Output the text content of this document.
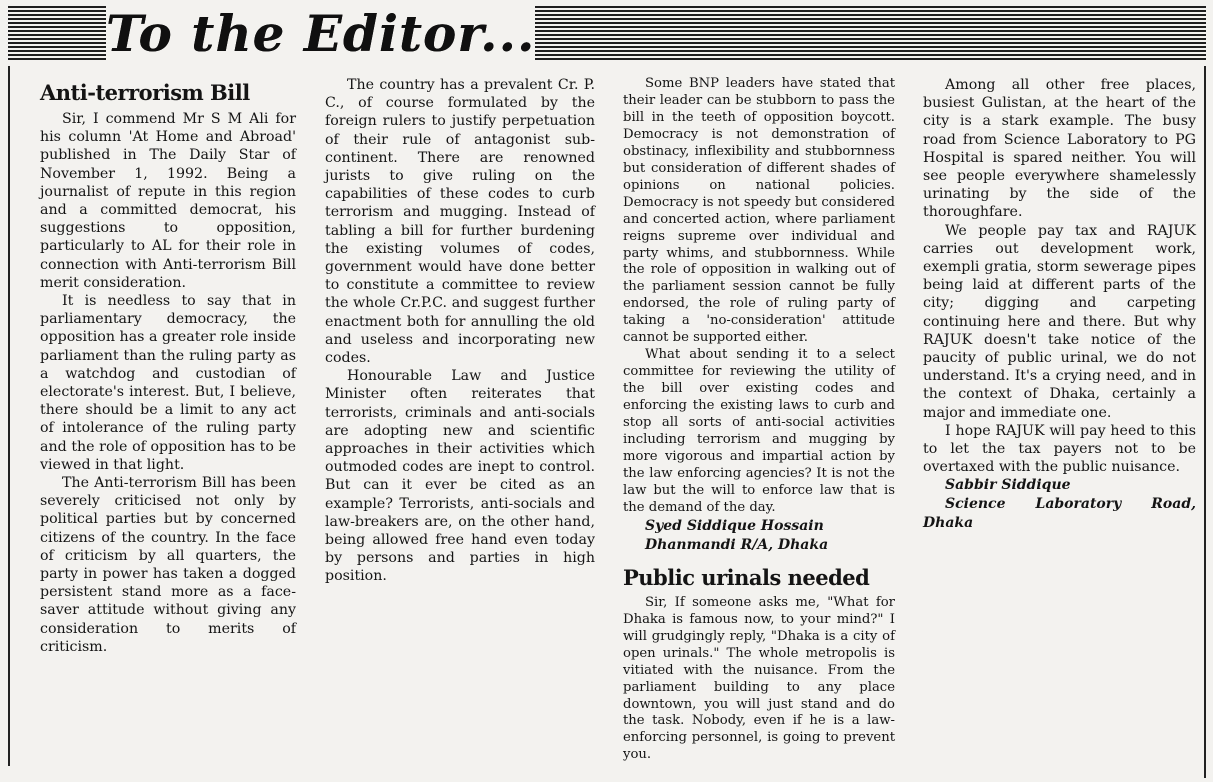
To the Editor...
Anti-terrorism Bill

Sir, I commend Mr S M Ali for his column 'At Home and Abroad' published in The Daily Star of November 1, 1992. Being a journalist of repute in this region and a committed democrat, his suggestions to opposition, particularly to AL for their role in connection with Anti-terrorism Bill merit consideration.

It is needless to say that in parliamentary democracy, the opposition has a greater role inside parliament than the ruling party as a watchdog and custodian of electorate's interest. But, I believe, there should be a limit to any act of intolerance of the ruling party and the role of opposition has to be viewed in that light.

The Anti-terrorism Bill has been severely criticised not only by political parties but by concerned citizens of the country. In the face of criticism by all quarters, the party in power has taken a dogged persistent stand more as a face-saver attitude without giving any consideration to merits of criticism.

The country has a prevalent Cr. P. C., of course formulated by the foreign rulers to justify perpetuation of their rule of antagonist sub-continent. There are renowned jurists to give ruling on the capabilities of these codes to curb terrorism and mugging. Instead of tabling a bill for further burdening the existing volumes of codes, government would have done better to constitute a committee to review the whole Cr.P.C. and suggest further enactment both for annulling the old and useless and incorporating new codes.

Honourable Law and Justice Minister often reiterates that terrorists, criminals and anti-socials are adopting new and scientific approaches in their activities which outmoded codes are inept to control. But can it ever be cited as an example? Terrorists, anti-socials and law-breakers are, on the other hand, being allowed free hand even today by persons and parties in high position.

Some BNP leaders have stated that their leader can be stubborn to pass the bill in the teeth of opposition boycott. Democracy is not demonstration of obstinacy, inflexibility and stubbornness but consideration of different shades of opinions on national policies. Democracy is not speedy but considered and concerted action, where parliament reigns supreme over individual and party whims, and stubbornness. While the role of opposition in walking out of the parliament session cannot be fully endorsed, the role of ruling party of taking a 'no-consideration' attitude cannot be supported either.

What about sending it to a select committee for reviewing the utility of the bill over existing codes and enforcing the existing laws to curb and stop all sorts of anti-social activities including terrorism and mugging by more vigorous and impartial action by the law enforcing agencies? It is not the law but the will to enforce law that is the demand of the day.

Syed Siddique Hossain

Dhanmandi R/A, Dhaka

Public urinals needed

Sir, If someone asks me, "What for Dhaka is famous now, to your mind?" I will grudgingly reply, "Dhaka is a city of open urinals." The whole metropolis is vitiated with the nuisance. From the parliament building to any place downtown, you will just stand and do the task. Nobody, even if he is a law-enforcing personnel, is going to prevent you.

Among all other free places, busiest Gulistan, at the heart of the city is a stark example. The busy road from Science Laboratory to PG Hospital is spared neither. You will see people everywhere shamelessly urinating by the side of the thoroughfare.

We people pay tax and RAJUK carries out development work, exempli gratia, storm sewerage pipes being laid at different parts of the city; digging and carpeting continuing here and there. But why RAJUK doesn't take notice of the paucity of public urinal, we do not understand. It's a crying need, and in the context of Dhaka, certainly a major and immediate one.

I hope RAJUK will pay heed to this to let the tax payers not to be overtaxed with the public nuisance.

Sabbir Siddique

Science Laboratory Road, Dhaka
